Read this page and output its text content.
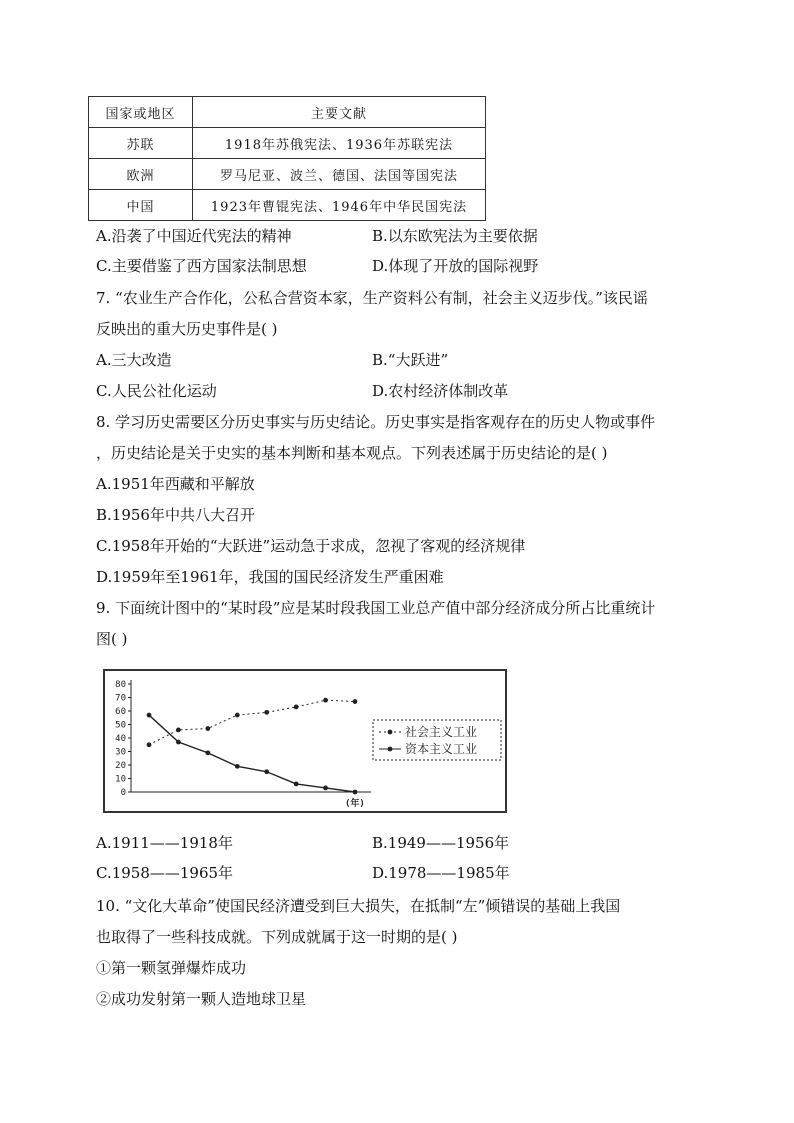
国家或地区	主要文献
苏联	1918年苏俄宪法、1936年苏联宪法
欧洲	罗马尼亚、波兰、德国、法国等国宪法
中国	1923年曹锟宪法、1946年中华民国宪法
A.沿袭了中国近代宪法的精神	B.以东欧宪法为主要依据
C.主要借鉴了西方国家法制思想	D.体现了开放的国际视野
7. “农业生产合作化，公私合营资本家，生产资料公有制，社会主义迈步伐。”该民谣
反映出的重大历史事件是( )
A.三大改造	B.“大跃进”
C.人民公社化运动	D.农村经济体制改革
8. 学习历史需要区分历史事实与历史结论。历史事实是指客观存在的历史人物或事件
，历史结论是关于史实的基本判断和基本观点。下列表述属于历史结论的是( )
A.1951年西藏和平解放
B.1956年中共八大召开
C.1958年开始的“大跃进”运动急于求成，忽视了客观的经济规律
D.1959年至1961年，我国的国民经济发生严重困难
9. 下面统计图中的“某时段”应是某时段我国工业总产值中部分经济成分所占比重统计
图( )
0
10
20
30
40
50
60
70
80
(年)
社会主义工业
资本主义工业
A.1911——1918年	B.1949——1956年
C.1958——1965年	D.1978——1985年
10. “文化大革命”使国民经济遭受到巨大损失，在抵制“左”倾错误的基础上我国
也取得了一些科技成就。下列成就属于这一时期的是( )
①第一颗氢弹爆炸成功
②成功发射第一颗人造地球卫星
